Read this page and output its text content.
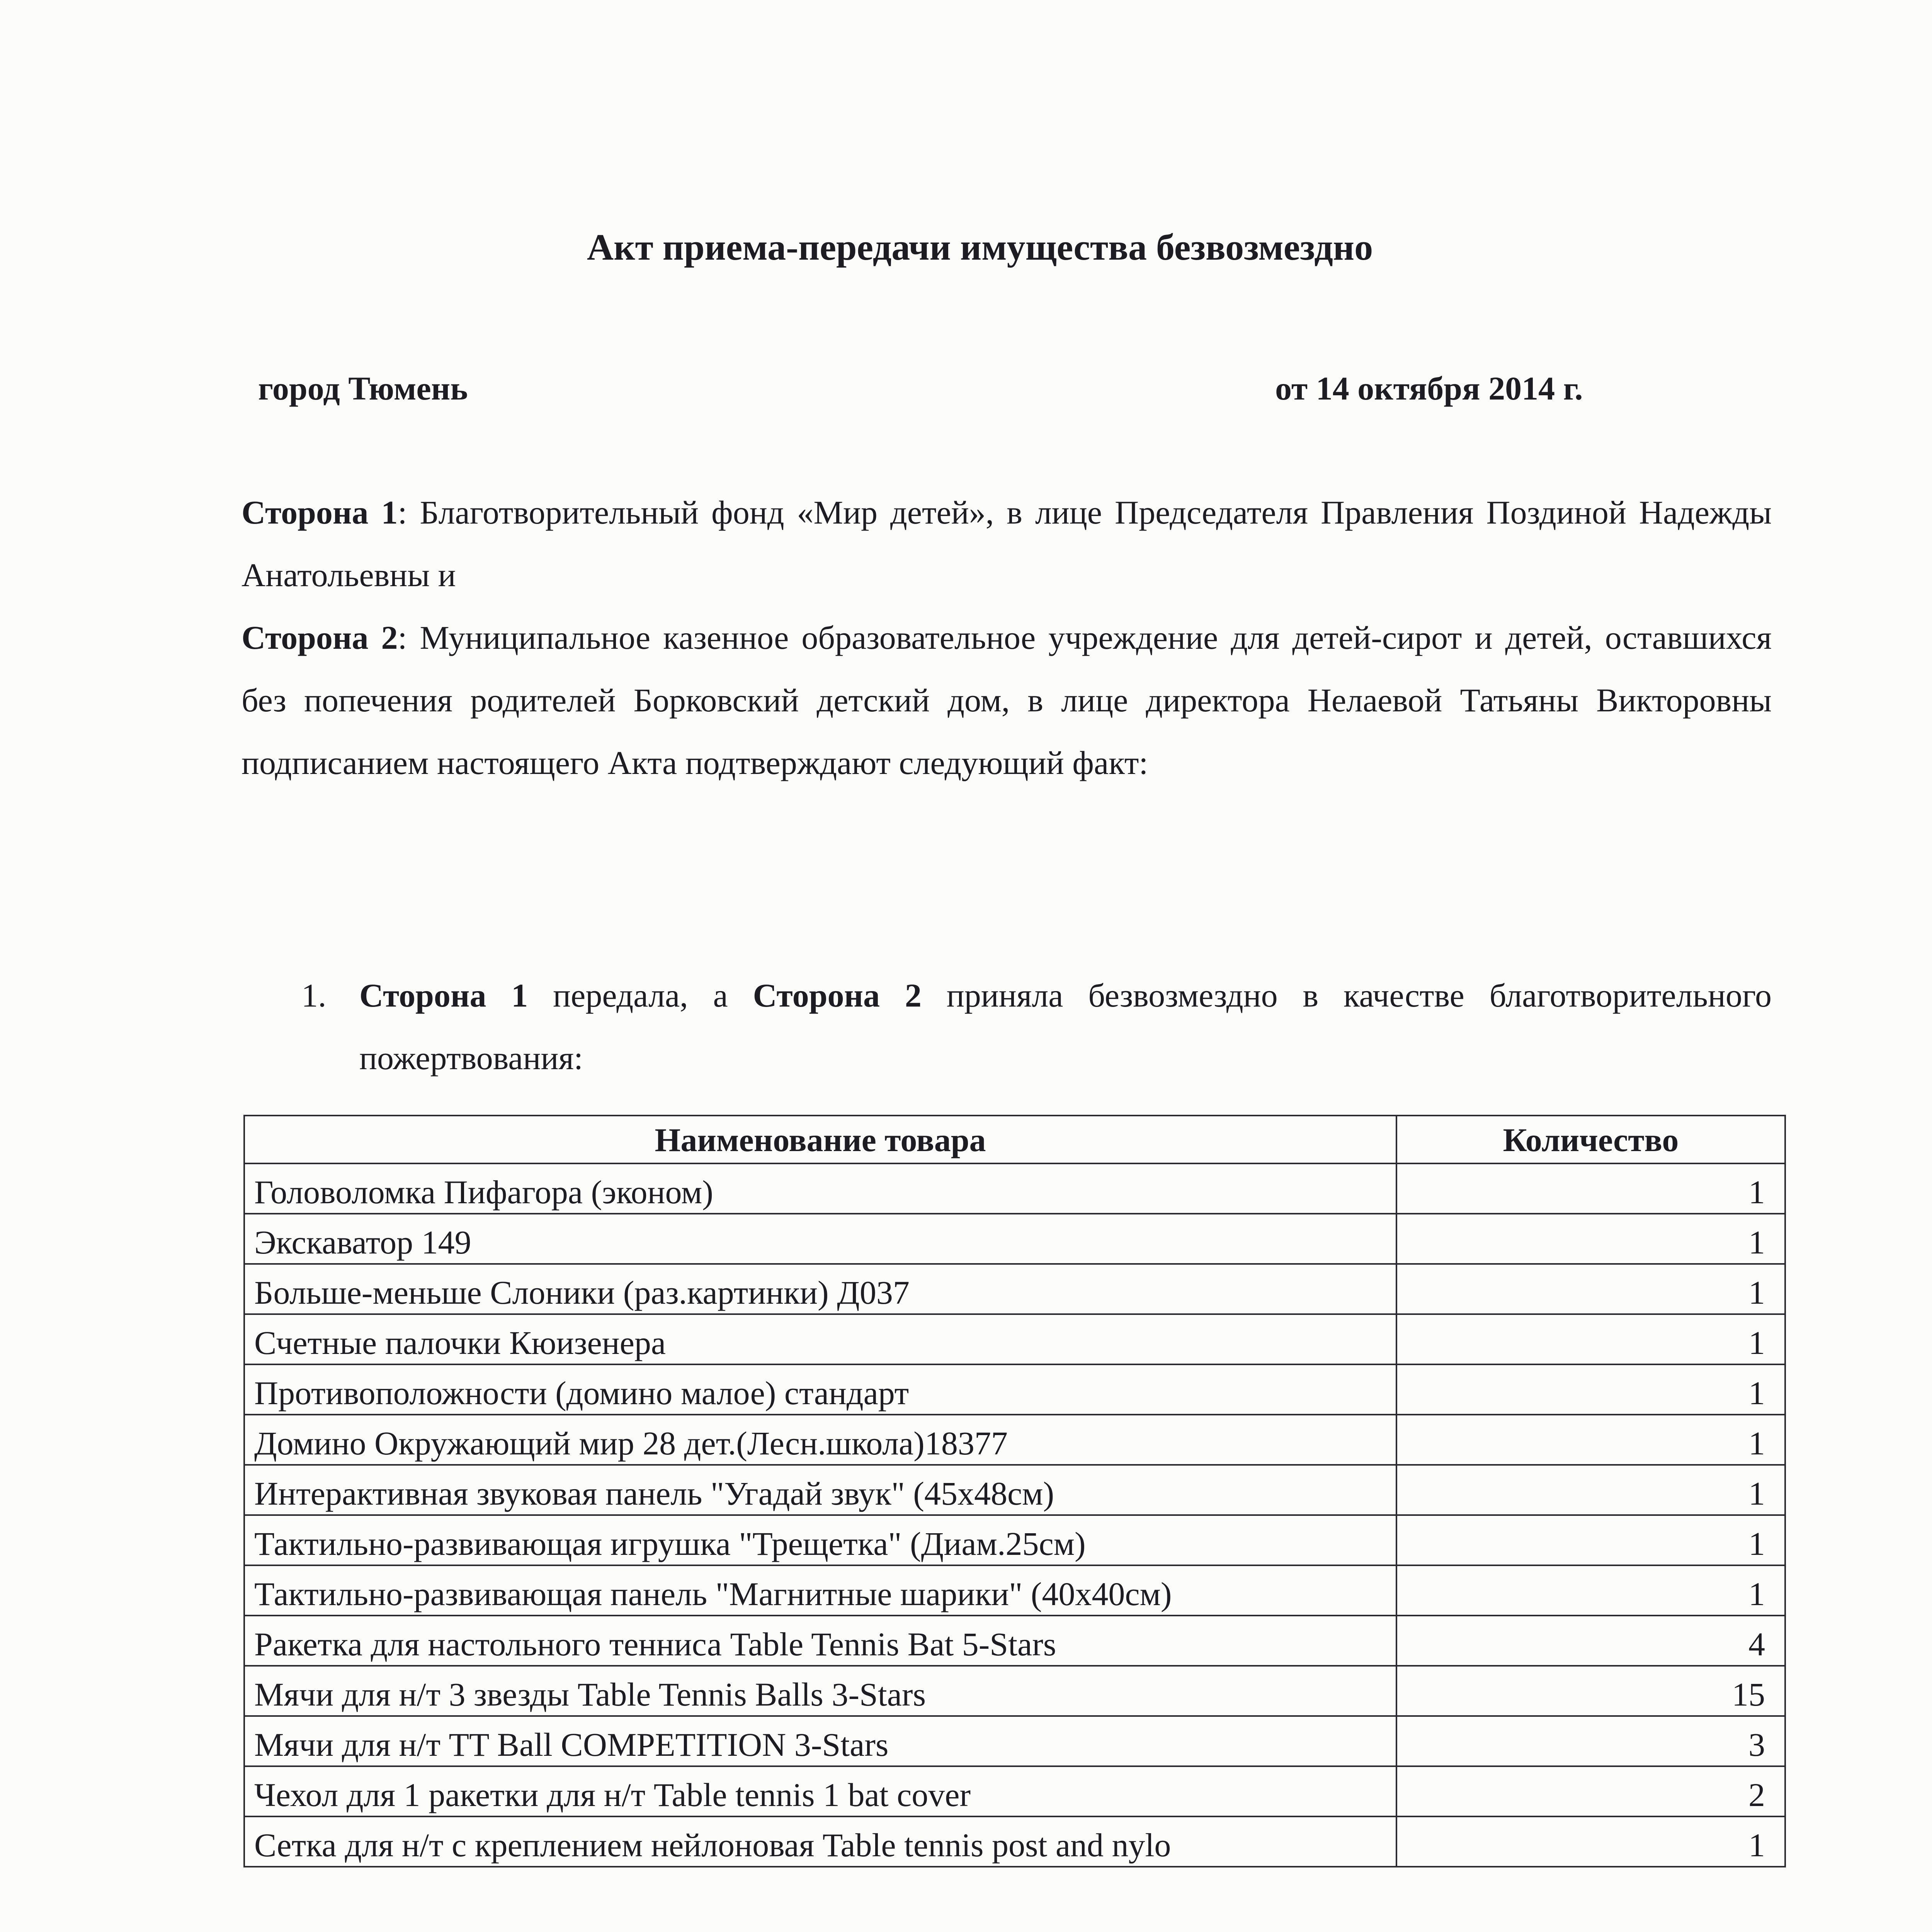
Акт приема-передачи имущества безвозмездно
город Тюмень	от 14 октября 2014 г.

Сторона 1: Благотворительный фонд «Мир детей», в лице Председателя Правления Поздиной Надежды Анатольевны и

Сторона 2: Муниципальное казенное образовательное учреждение для детей-сирот и детей, оставшихся без попечения родителей Борковский детский дом, в лице директора Нелаевой Татьяны Викторовны подписанием настоящего Акта подтверждают следующий факт:

1. Сторона 1 передала, а Сторона 2 приняла безвозмездно в качестве благотворительного пожертвования:
Наименование товара	Количество
Головоломка Пифагора (эконом)	1
Экскаватор 149	1
Больше-меньше Слоники (раз.картинки) Д037	1
Счетные палочки Кюизенера	1
Противоположности (домино малое) стандарт	1
Домино Окружающий мир 28 дет.(Лесн.школа)18377	1
Интерактивная звуковая панель "Угадай звук" (45x48см)	1
Тактильно-развивающая игрушка "Трещетка" (Диам.25см)	1
Тактильно-развивающая панель "Магнитные шарики" (40x40см)	1
Ракетка для настольного тенниса Table Tennis Bat 5-Stars	4
Мячи для н/т 3 звезды Table Tennis Balls 3-Stars	15
Мячи для н/т TT Ball COMPETITION 3-Stars	3
Чехол для 1 ракетки для н/т Table tennis 1 bat cover	2
Сетка для н/т с креплением нейлоновая Table tennis post and nylo	1
